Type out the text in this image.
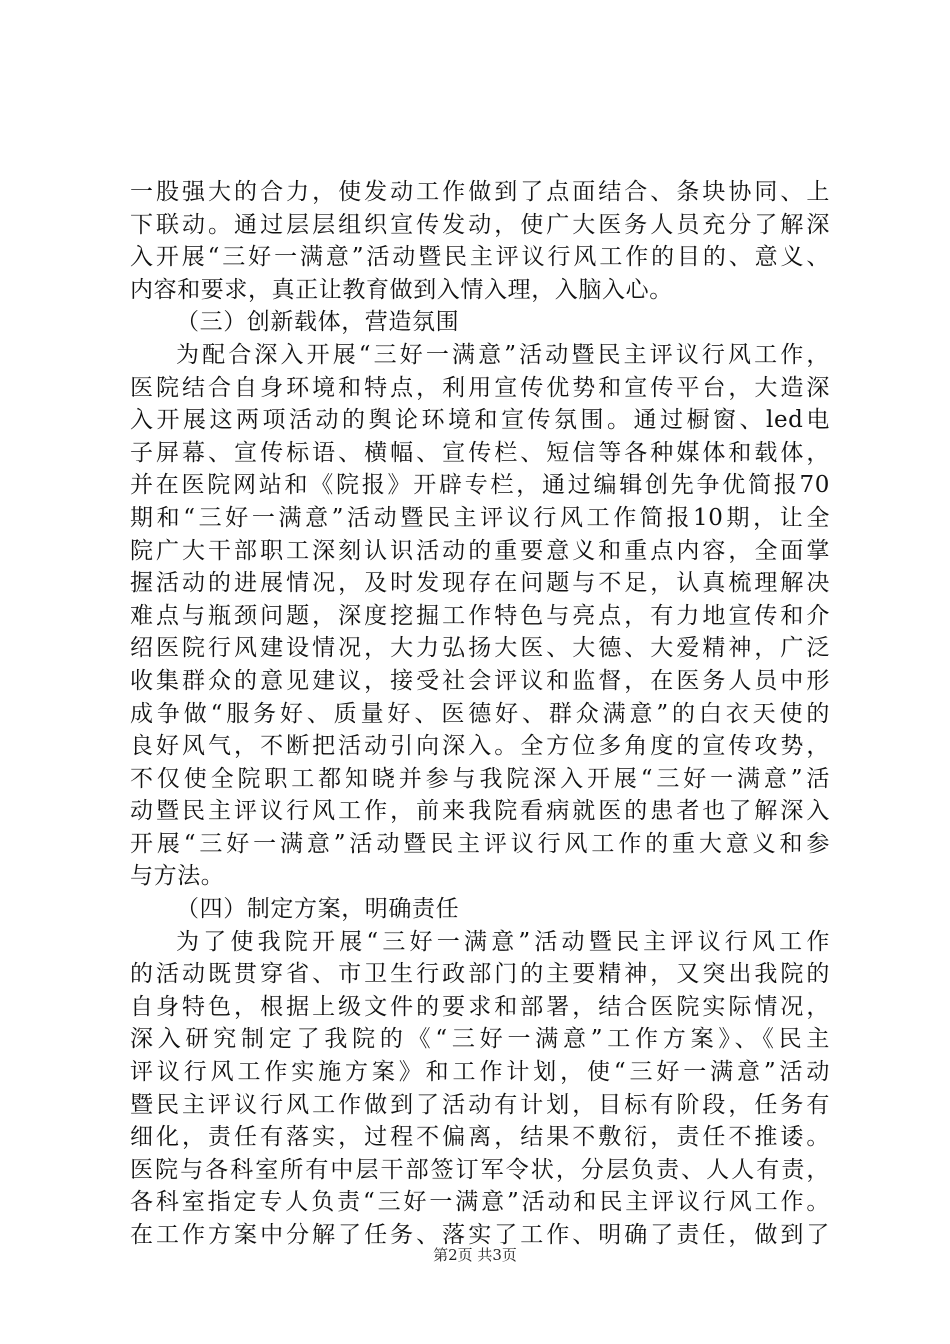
一股强大的合力，使发动工作做到了点面结合、条块协同、上
下联动。通过层层组织宣传发动，使广大医务人员充分了解深
入开展“三好一满意”活动暨民主评议行风工作的目的、意义、
内容和要求，真正让教育做到入情入理，入脑入心。
（三）创新载体，营造氛围
为配合深入开展“三好一满意”活动暨民主评议行风工作，
医院结合自身环境和特点，利用宣传优势和宣传平台，大造深
入开展这两项活动的舆论环境和宣传氛围。通过橱窗、led电
子屏幕、宣传标语、横幅、宣传栏、短信等各种媒体和载体，
并在医院网站和《院报》开辟专栏，通过编辑创先争优简报70
期和“三好一满意”活动暨民主评议行风工作简报10期，让全
院广大干部职工深刻认识活动的重要意义和重点内容，全面掌
握活动的进展情况，及时发现存在问题与不足，认真梳理解决
难点与瓶颈问题，深度挖掘工作特色与亮点，有力地宣传和介
绍医院行风建设情况，大力弘扬大医、大德、大爱精神，广泛
收集群众的意见建议，接受社会评议和监督，在医务人员中形
成争做“服务好、质量好、医德好、群众满意”的白衣天使的
良好风气，不断把活动引向深入。全方位多角度的宣传攻势，
不仅使全院职工都知晓并参与我院深入开展“三好一满意”活
动暨民主评议行风工作，前来我院看病就医的患者也了解深入
开展“三好一满意”活动暨民主评议行风工作的重大意义和参
与方法。
（四）制定方案，明确责任
为了使我院开展“三好一满意”活动暨民主评议行风工作
的活动既贯穿省、市卫生行政部门的主要精神，又突出我院的
自身特色，根据上级文件的要求和部署，结合医院实际情况，
深入研究制定了我院的《“三好一满意”工作方案》、《民主
评议行风工作实施方案》和工作计划，使“三好一满意”活动
暨民主评议行风工作做到了活动有计划，目标有阶段，任务有
细化，责任有落实，过程不偏离，结果不敷衍，责任不推诿。
医院与各科室所有中层干部签订军令状，分层负责、人人有责，
各科室指定专人负责“三好一满意”活动和民主评议行风工作。
在工作方案中分解了任务、落实了工作、明确了责任，做到了
第2页 共3页
